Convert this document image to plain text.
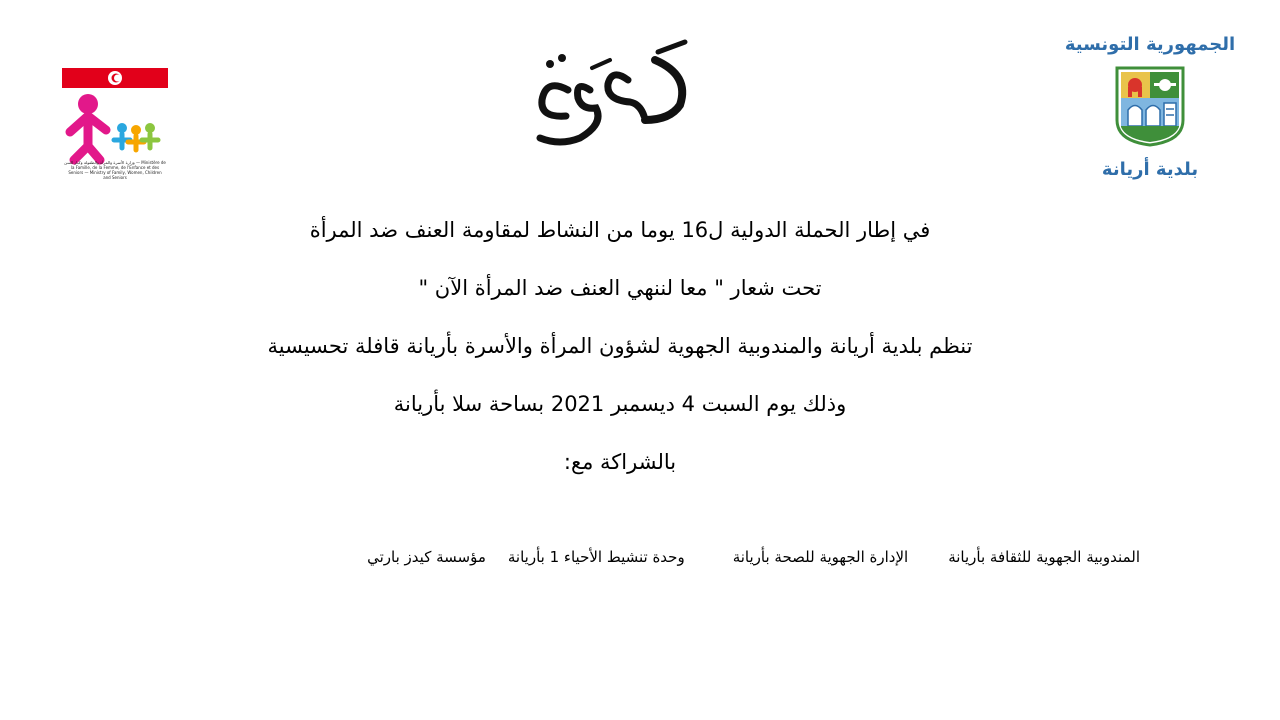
الجمهورية التونسية
بلدية أريانة
وزارة الأسرة والمرأة والطفولة وكبار السن — Ministère de la Famille, de la Femme, de l'Enfance et des Seniors — Ministry of Family, Women, Children and Seniors

في إطار الحملة الدولية ل16 يوما من النشاط لمقاومة العنف ضد المرأة

تحت شعار " معا لننهي العنف ضد المرأة الآن "

تنظم بلدية أريانة والمندوبية الجهوية لشؤون المرأة والأسرة بأريانة قافلة تحسيسية

وذلك يوم السبت 4 ديسمبر 2021 بساحة سلا بأريانة

بالشراكة مع:

المندوبية الجهوية للثقافة بأريانة
الإدارة الجهوية للصحة بأريانة
وحدة تنشيط الأحياء 1 بأريانة
مؤسسة كيدز بارتي
